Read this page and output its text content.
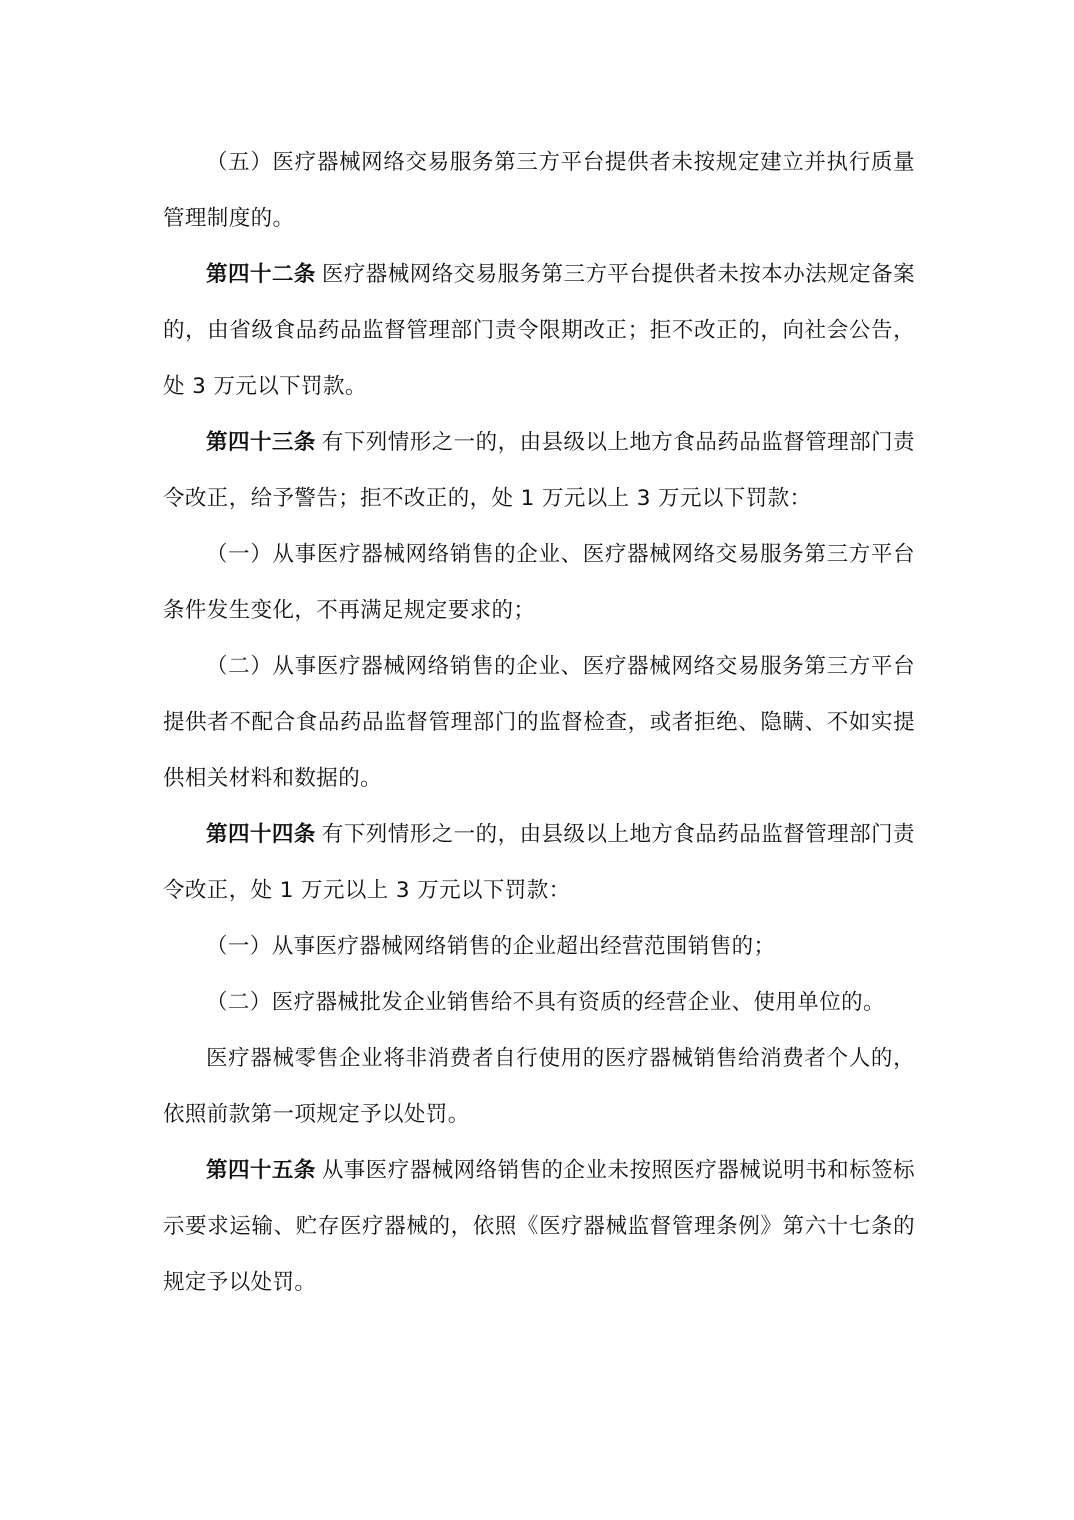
（五）医疗器械网络交易服务第三方平台提供者未按规定建立并执行质量管理制度的。

第四十二条 医疗器械网络交易服务第三方平台提供者未按本办法规定备案的，由省级食品药品监督管理部门责令限期改正；拒不改正的，向社会公告，处 3 万元以下罚款。

第四十三条 有下列情形之一的，由县级以上地方食品药品监督管理部门责令改正，给予警告；拒不改正的，处 1 万元以上 3 万元以下罚款：

（一）从事医疗器械网络销售的企业、医疗器械网络交易服务第三方平台条件发生变化，不再满足规定要求的；

（二）从事医疗器械网络销售的企业、医疗器械网络交易服务第三方平台提供者不配合食品药品监督管理部门的监督检查，或者拒绝、隐瞒、不如实提供相关材料和数据的。

第四十四条 有下列情形之一的，由县级以上地方食品药品监督管理部门责令改正，处 1 万元以上 3 万元以下罚款：

（一）从事医疗器械网络销售的企业超出经营范围销售的；

（二）医疗器械批发企业销售给不具有资质的经营企业、使用单位的。

医疗器械零售企业将非消费者自行使用的医疗器械销售给消费者个人的，依照前款第一项规定予以处罚。

第四十五条 从事医疗器械网络销售的企业未按照医疗器械说明书和标签标示要求运输、贮存医疗器械的，依照《医疗器械监督管理条例》第六十七条的规定予以处罚。
